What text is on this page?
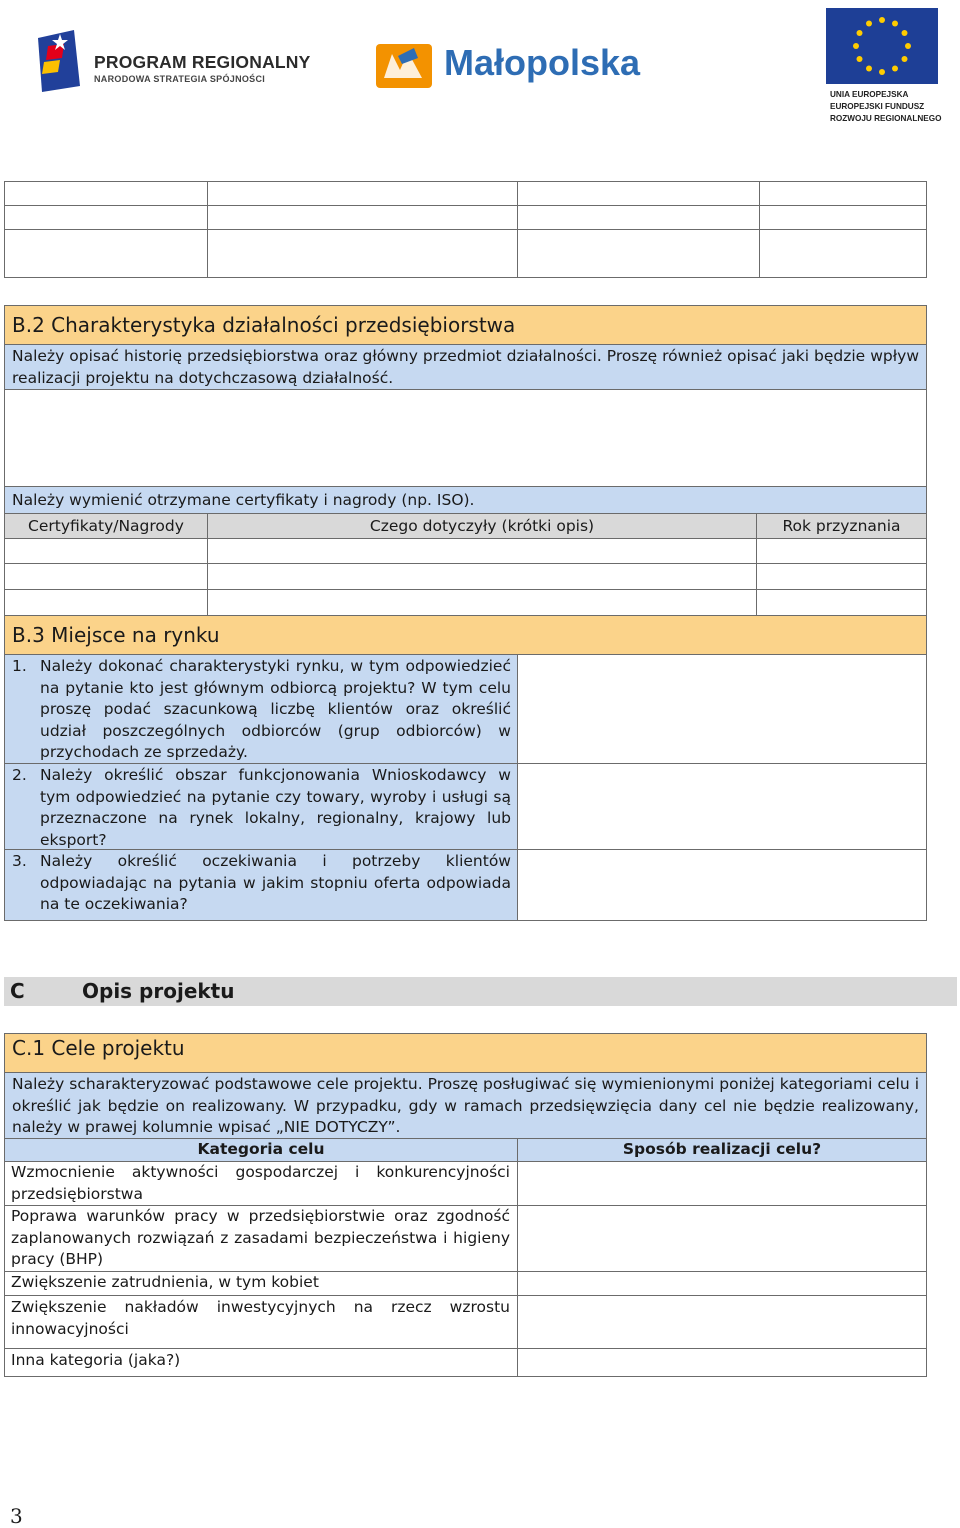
PROGRAM REGIONALNY
NARODOWA STRATEGIA SPÓJNOŚCI	Małopolska
UNIA EUROPEJSKA
EUROPEJSKI FUNDUSZ
ROZWOJU REGIONALNEGO
B.2 Charakterystyka działalności przedsiębiorstwa
Należy opisać historię przedsiębiorstwa oraz główny przedmiot działalności. Proszę również opisać jaki będzie wpływ realizacji projektu na dotychczasową działalność.
Należy wymienić otrzymane certyfikaty i nagrody (np. ISO).
Certyfikaty/Nagrody	Czego dotyczyły (krótki opis)	Rok przyznania
B.3 Miejsce na rynku
1. Należy dokonać charakterystyki rynku, w tym odpowiedzieć na pytanie kto jest głównym odbiorcą projektu? W tym celu proszę podać szacunkową liczbę klientów oraz określić udział poszczególnych odbiorców (grup odbiorców) w przychodach ze sprzedaży.
2. Należy określić obszar funkcjonowania Wnioskodawcy w tym odpowiedzieć na pytanie czy towary, wyroby i usługi są przeznaczone na rynek lokalny, regionalny, krajowy lub eksport?
3. Należy określić oczekiwania i potrzeby klientów odpowiadając na pytania w jakim stopniu oferta odpowiada na te oczekiwania?
C	Opis projektu
C.1 Cele projektu
Należy scharakteryzować podstawowe cele projektu. Proszę posługiwać się wymienionymi poniżej kategoriami celu i określić jak będzie on realizowany. W przypadku, gdy w ramach przedsięwzięcia dany cel nie będzie realizowany, należy w prawej kolumnie wpisać „NIE DOTYCZY”.
Kategoria celu	Sposób realizacji celu?
Wzmocnienie aktywności gospodarczej i konkurencyjności przedsiębiorstwa
Poprawa warunków pracy w przedsiębiorstwie oraz zgodność zaplanowanych rozwiązań z zasadami bezpieczeństwa i higieny pracy (BHP)
Zwiększenie zatrudnienia, w tym kobiet
Zwiększenie nakładów inwestycyjnych na rzecz wzrostu innowacyjności
Inna kategoria (jaka?)
3
